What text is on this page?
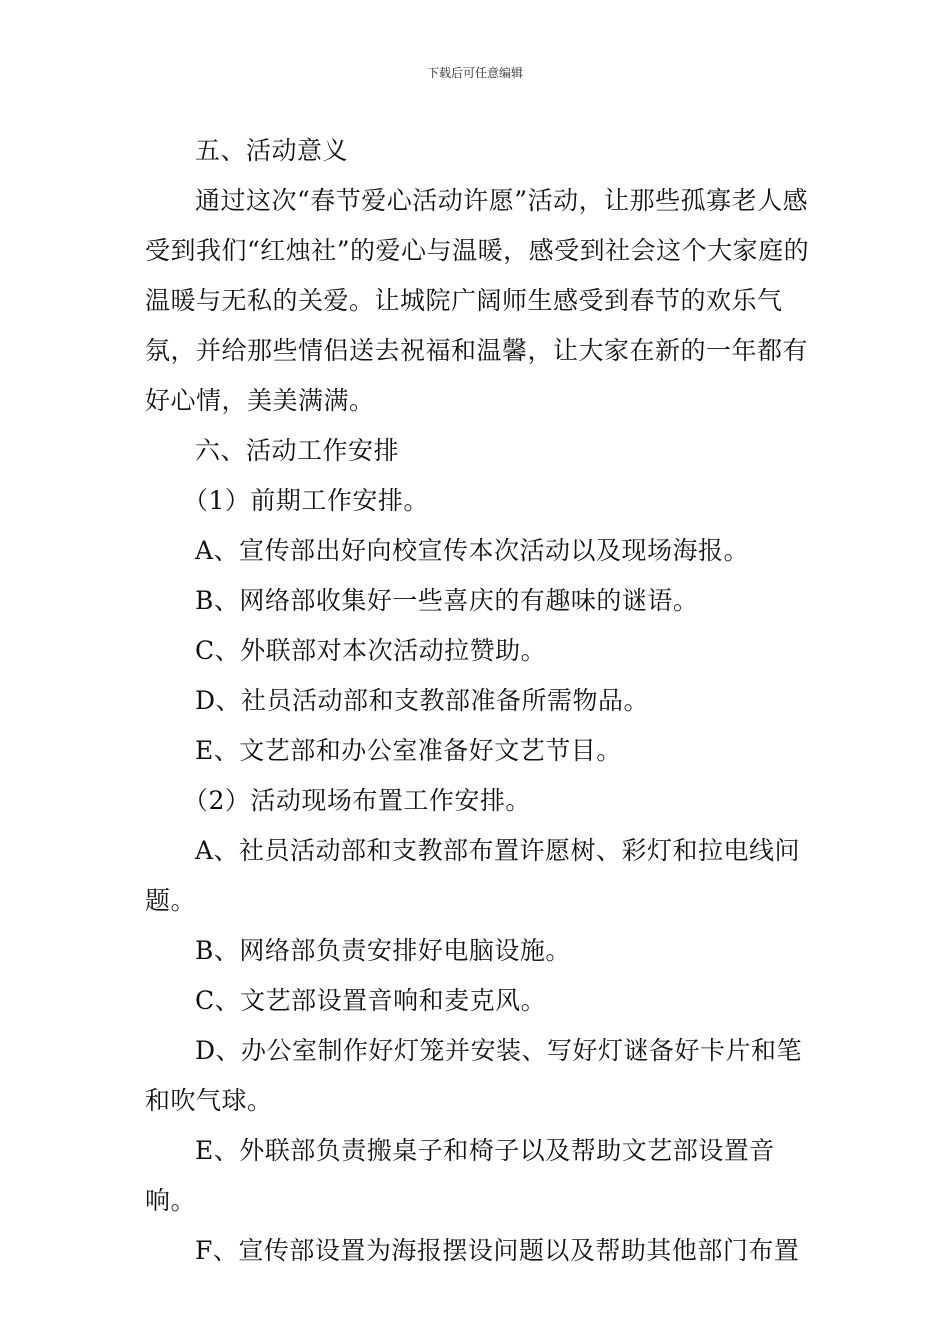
下载后可任意编辑

五、活动意义

通过这次“春节爱心活动许愿”活动，让那些孤寡老人感受到我们“红烛社”的爱心与温暖，感受到社会这个大家庭的温暖与无私的关爱。让城院广阔师生感受到春节的欢乐气氛，并给那些情侣送去祝福和温馨，让大家在新的一年都有好心情，美美满满。

六、活动工作安排

（1）前期工作安排。

A、宣传部出好向校宣传本次活动以及现场海报。

B、网络部收集好一些喜庆的有趣味的谜语。

C、外联部对本次活动拉赞助。

D、社员活动部和支教部准备所需物品。

E、文艺部和办公室准备好文艺节目。

（2）活动现场布置工作安排。

A、社员活动部和支教部布置许愿树、彩灯和拉电线问题。

B、网络部负责安排好电脑设施。

C、文艺部设置音响和麦克风。

D、办公室制作好灯笼并安装、写好灯谜备好卡片和笔和吹气球。

E、外联部负责搬桌子和椅子以及帮助文艺部设置音响。

F、宣传部设置为海报摆设问题以及帮助其他部门布置
